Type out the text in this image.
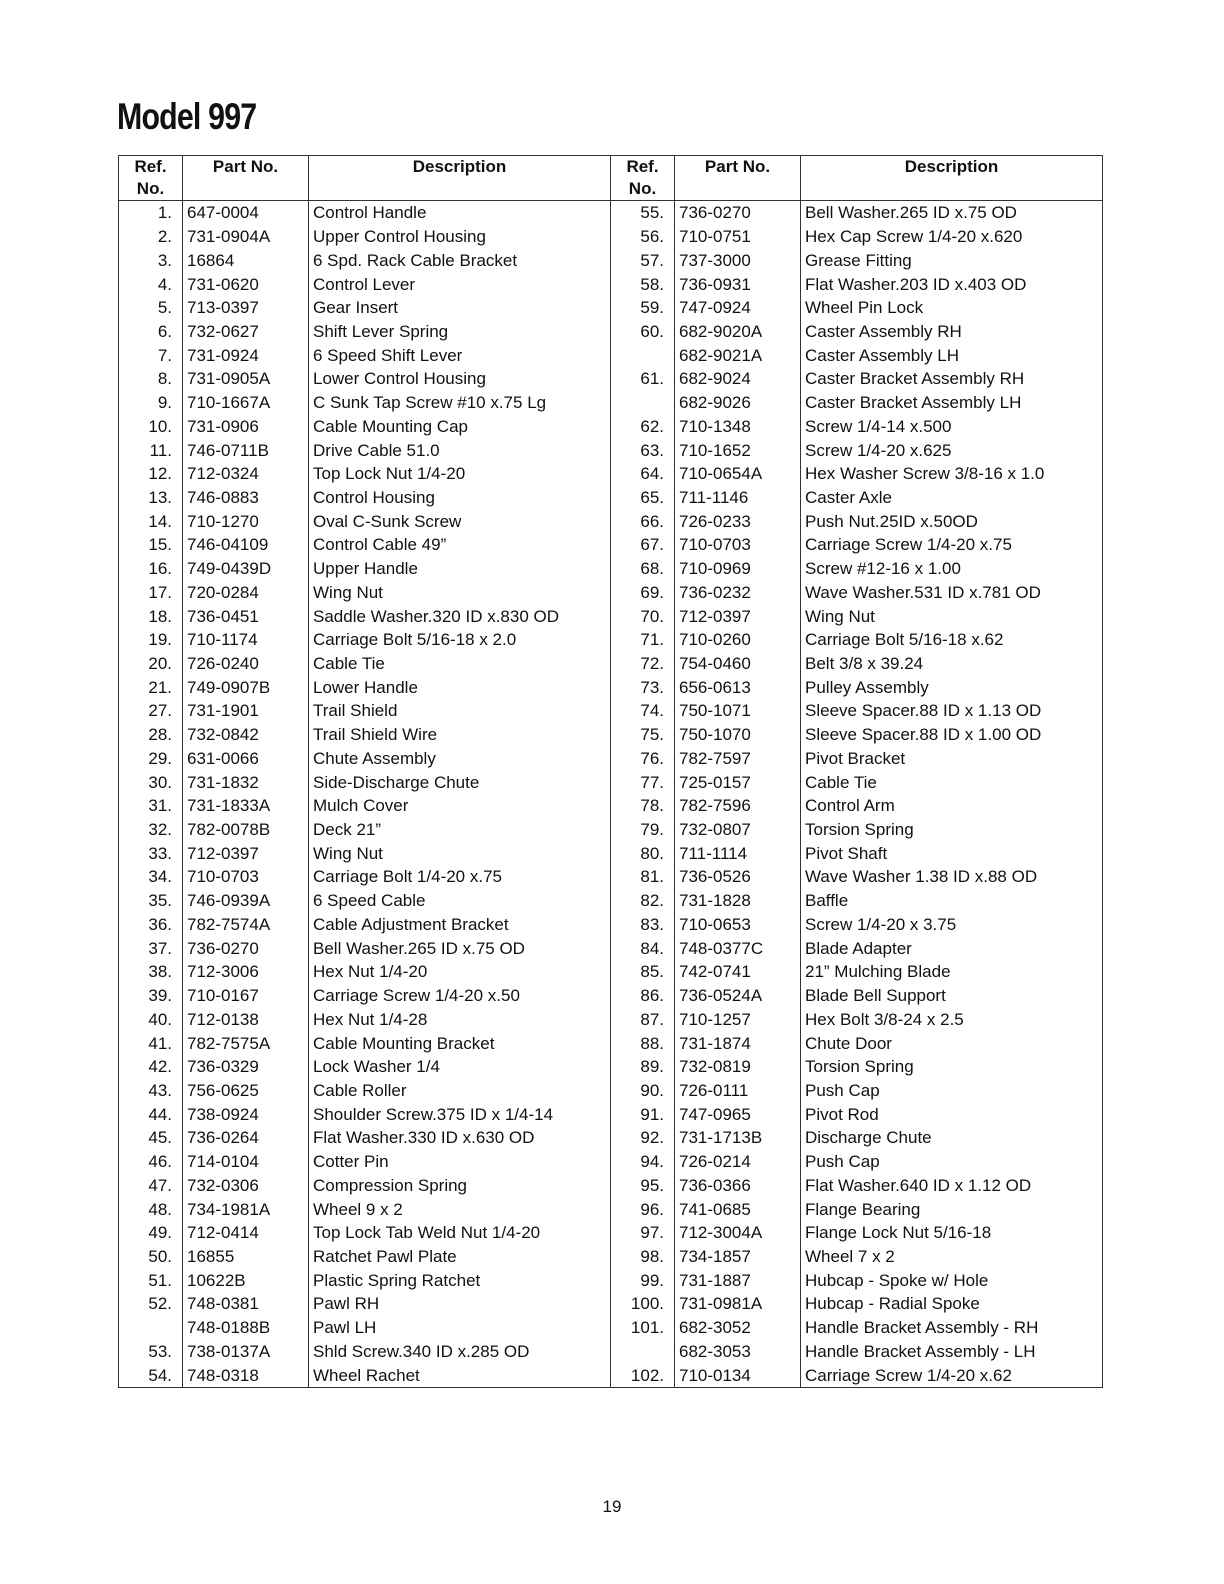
Model 997
Ref.
No.	Part No.	Description
1.	647-0004	Control Handle
2.	731-0904A	Upper Control Housing
3.	16864	6 Spd. Rack Cable Bracket
4.	731-0620	Control Lever
5.	713-0397	Gear Insert
6.	732-0627	Shift Lever Spring
7.	731-0924	6 Speed Shift Lever
8.	731-0905A	Lower Control Housing
9.	710-1667A	C Sunk Tap Screw #10 x.75 Lg
10.	731-0906	Cable Mounting Cap
11.	746-0711B	Drive Cable 51.0
12.	712-0324	Top Lock Nut 1/4-20
13.	746-0883	Control Housing
14.	710-1270	Oval C-Sunk Screw
15.	746-04109	Control Cable 49”
16.	749-0439D	Upper Handle
17.	720-0284	Wing Nut
18.	736-0451	Saddle Washer.320 ID x.830 OD
19.	710-1174	Carriage Bolt 5/16-18 x 2.0
20.	726-0240	Cable Tie
21.	749-0907B	Lower Handle
27.	731-1901	Trail Shield
28.	732-0842	Trail Shield Wire
29.	631-0066	Chute Assembly
30.	731-1832	Side-Discharge Chute
31.	731-1833A	Mulch Cover
32.	782-0078B	Deck 21”
33.	712-0397	Wing Nut
34.	710-0703	Carriage Bolt 1/4-20 x.75
35.	746-0939A	6 Speed Cable
36.	782-7574A	Cable Adjustment Bracket
37.	736-0270	Bell Washer.265 ID x.75 OD
38.	712-3006	Hex Nut 1/4-20
39.	710-0167	Carriage Screw 1/4-20 x.50
40.	712-0138	Hex Nut 1/4-28
41.	782-7575A	Cable Mounting Bracket
42.	736-0329	Lock Washer 1/4
43.	756-0625	Cable Roller
44.	738-0924	Shoulder Screw.375 ID x 1/4-14
45.	736-0264	Flat Washer.330 ID x.630 OD
46.	714-0104	Cotter Pin
47.	732-0306	Compression Spring
48.	734-1981A	Wheel 9 x 2
49.	712-0414	Top Lock Tab Weld Nut 1/4-20
50.	16855	Ratchet Pawl Plate
51.	10622B	Plastic Spring Ratchet
52.	748-0381	Pawl RH
	748-0188B	Pawl LH
53.	738-0137A	Shld Screw.340 ID x.285 OD
54.	748-0318	Wheel Rachet
Ref.
No.	Part No.	Description
55.	736-0270	Bell Washer.265 ID x.75 OD
56.	710-0751	Hex Cap Screw 1/4-20 x.620
57.	737-3000	Grease Fitting
58.	736-0931	Flat Washer.203 ID x.403 OD
59.	747-0924	Wheel Pin Lock
60.	682-9020A	Caster Assembly RH
	682-9021A	Caster Assembly LH
61.	682-9024	Caster Bracket Assembly RH
	682-9026	Caster Bracket Assembly LH
62.	710-1348	Screw 1/4-14 x.500
63.	710-1652	Screw 1/4-20 x.625
64.	710-0654A	Hex Washer Screw 3/8-16 x 1.0
65.	711-1146	Caster Axle
66.	726-0233	Push Nut.25ID x.50OD
67.	710-0703	Carriage Screw 1/4-20 x.75
68.	710-0969	Screw #12-16 x 1.00
69.	736-0232	Wave Washer.531 ID x.781 OD
70.	712-0397	Wing Nut
71.	710-0260	Carriage Bolt 5/16-18 x.62
72.	754-0460	Belt 3/8 x 39.24
73.	656-0613	Pulley Assembly
74.	750-1071	Sleeve Spacer.88 ID x 1.13 OD
75.	750-1070	Sleeve Spacer.88 ID x 1.00 OD
76.	782-7597	Pivot Bracket
77.	725-0157	Cable Tie
78.	782-7596	Control Arm
79.	732-0807	Torsion Spring
80.	711-1114	Pivot Shaft
81.	736-0526	Wave Washer 1.38 ID x.88 OD
82.	731-1828	Baffle
83.	710-0653	Screw 1/4-20 x 3.75
84.	748-0377C	Blade Adapter
85.	742-0741	21” Mulching Blade
86.	736-0524A	Blade Bell Support
87.	710-1257	Hex Bolt 3/8-24 x 2.5
88.	731-1874	Chute Door
89.	732-0819	Torsion Spring
90.	726-0111	Push Cap
91.	747-0965	Pivot Rod
92.	731-1713B	Discharge Chute
94.	726-0214	Push Cap
95.	736-0366	Flat Washer.640 ID x 1.12 OD
96.	741-0685	Flange Bearing
97.	712-3004A	Flange Lock Nut 5/16-18
98.	734-1857	Wheel 7 x 2
99.	731-1887	Hubcap - Spoke w/ Hole
100.	731-0981A	Hubcap - Radial Spoke
101.	682-3052	Handle Bracket Assembly - RH
	682-3053	Handle Bracket Assembly - LH
102.	710-0134	Carriage Screw 1/4-20 x.62
19
